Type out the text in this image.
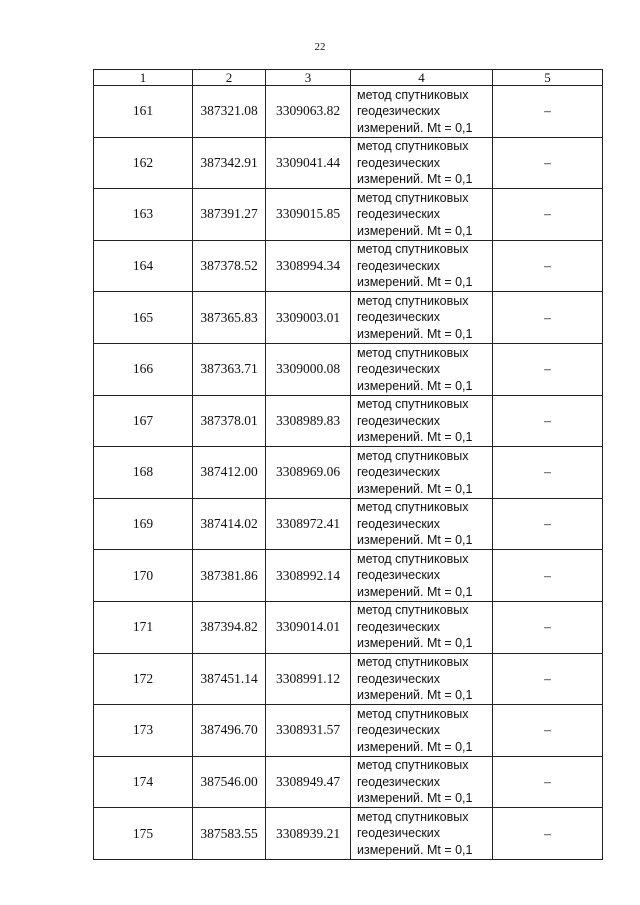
22
1	2	3	4	5
161	387321.08	3309063.82	метод спутниковых
геодезических
измерений. Mt = 0,1	–
162	387342.91	3309041.44	метод спутниковых
геодезических
измерений. Mt = 0,1	–
163	387391.27	3309015.85	метод спутниковых
геодезических
измерений. Mt = 0,1	–
164	387378.52	3308994.34	метод спутниковых
геодезических
измерений. Mt = 0,1	–
165	387365.83	3309003.01	метод спутниковых
геодезических
измерений. Mt = 0,1	–
166	387363.71	3309000.08	метод спутниковых
геодезических
измерений. Mt = 0,1	–
167	387378.01	3308989.83	метод спутниковых
геодезических
измерений. Mt = 0,1	–
168	387412.00	3308969.06	метод спутниковых
геодезических
измерений. Mt = 0,1	–
169	387414.02	3308972.41	метод спутниковых
геодезических
измерений. Mt = 0,1	–
170	387381.86	3308992.14	метод спутниковых
геодезических
измерений. Mt = 0,1	–
171	387394.82	3309014.01	метод спутниковых
геодезических
измерений. Mt = 0,1	–
172	387451.14	3308991.12	метод спутниковых
геодезических
измерений. Mt = 0,1	–
173	387496.70	3308931.57	метод спутниковых
геодезических
измерений. Mt = 0,1	–
174	387546.00	3308949.47	метод спутниковых
геодезических
измерений. Mt = 0,1	–
175	387583.55	3308939.21	метод спутниковых
геодезических
измерений. Mt = 0,1	–
